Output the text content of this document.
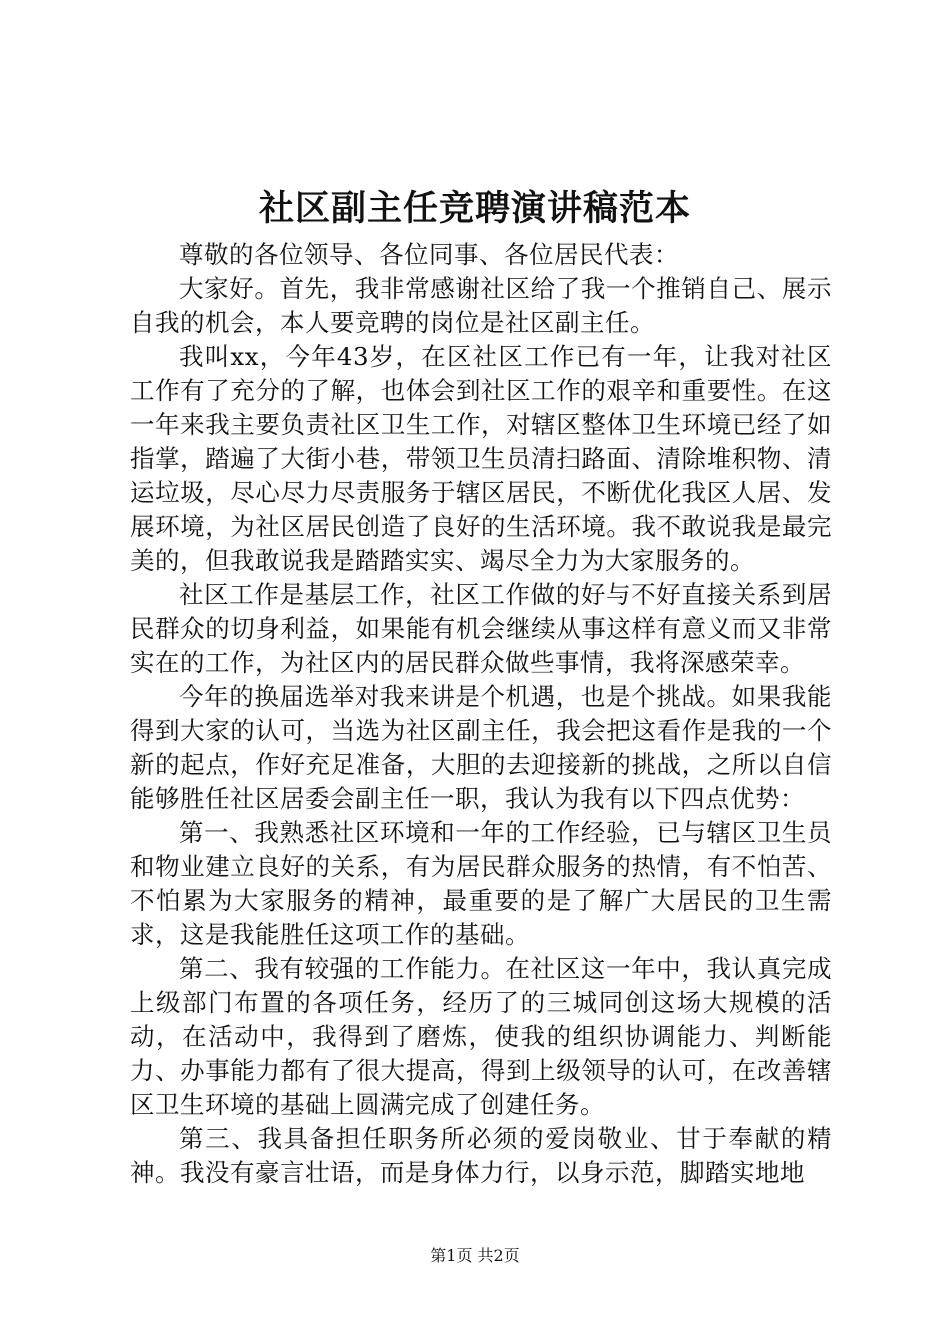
社区副主任竞聘演讲稿范本

尊敬的各位领导、各位同事、各位居民代表：

大家好。首先，我非常感谢社区给了我一个推销自己、展示自我的机会，本人要竞聘的岗位是社区副主任。

我叫xx，今年43岁，在区社区工作已有一年，让我对社区工作有了充分的了解，也体会到社区工作的艰辛和重要性。在这一年来我主要负责社区卫生工作，对辖区整体卫生环境已经了如指掌，踏遍了大街小巷，带领卫生员清扫路面、清除堆积物、清运垃圾，尽心尽力尽责服务于辖区居民，不断优化我区人居、发展环境，为社区居民创造了良好的生活环境。我不敢说我是最完美的，但我敢说我是踏踏实实、竭尽全力为大家服务的。

社区工作是基层工作，社区工作做的好与不好直接关系到居民群众的切身利益，如果能有机会继续从事这样有意义而又非常实在的工作，为社区内的居民群众做些事情，我将深感荣幸。

今年的换届选举对我来讲是个机遇，也是个挑战。如果我能得到大家的认可，当选为社区副主任，我会把这看作是我的一个新的起点，作好充足准备，大胆的去迎接新的挑战，之所以自信能够胜任社区居委会副主任一职，我认为我有以下四点优势：

第一、我熟悉社区环境和一年的工作经验，已与辖区卫生员和物业建立良好的关系，有为居民群众服务的热情，有不怕苦、不怕累为大家服务的精神，最重要的是了解广大居民的卫生需求，这是我能胜任这项工作的基础。

第二、我有较强的工作能力。在社区这一年中，我认真完成上级部门布置的各项任务，经历了的三城同创这场大规模的活动，在活动中，我得到了磨炼，使我的组织协调能力、判断能力、办事能力都有了很大提高，得到上级领导的认可，在改善辖区卫生环境的基础上圆满完成了创建任务。

第三、我具备担任职务所必须的爱岗敬业、甘于奉献的精神。我没有豪言壮语，而是身体力行，以身示范，脚踏实地地

第1页 共2页
